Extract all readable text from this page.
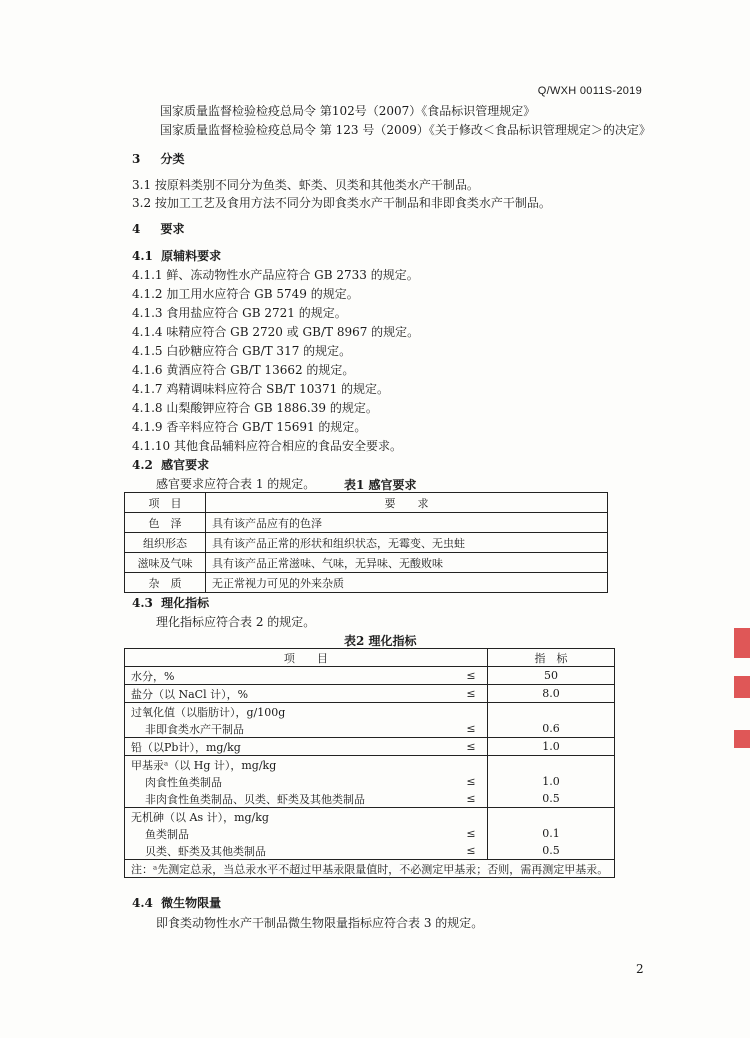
Q/WXH 0011S-2019
国家质量监督检验检疫总局令 第102号（2007）《食品标识管理规定》
国家质量监督检验检疫总局令 第 123 号（2009）《关于修改＜食品标识管理规定＞的决定》
3 分类
3.1 按原料类别不同分为鱼类、虾类、贝类和其他类水产干制品。
3.2 按加工工艺及食用方法不同分为即食类水产干制品和非即食类水产干制品。
4 要求
4.1 原辅料要求
4.1.1 鲜、冻动物性水产品应符合 GB 2733 的规定。
4.1.2 加工用水应符合 GB 5749 的规定。
4.1.3 食用盐应符合 GB 2721 的规定。
4.1.4 味精应符合 GB 2720 或 GB/T 8967 的规定。
4.1.5 白砂糖应符合 GB/T 317 的规定。
4.1.6 黄酒应符合 GB/T 13662 的规定。
4.1.7 鸡精调味料应符合 SB/T 10371 的规定。
4.1.8 山梨酸钾应符合 GB 1886.39 的规定。
4.1.9 香辛料应符合 GB/T 15691 的规定。
4.1.10 其他食品辅料应符合相应的食品安全要求。
4.2 感官要求
感官要求应符合表 1 的规定。 表1 感官要求
项　目	要　　求
色　泽	具有该产品应有的色泽
组织形态	具有该产品正常的形状和组织状态，无霉变、无虫蛀
滋味及气味	具有该产品正常滋味、气味，无异味、无酸败味
杂　质	无正常视力可见的外来杂质
4.3 理化指标
理化指标应符合表 2 的规定。
表2 理化指标
项　　目		指　标
水分，%	≤	50
盐分（以 NaCl 计），%	≤	8.0
过氧化值（以脂肪计），g/100g		
非即食类水产干制品	≤	0.6
铅（以Pb计），mg/kg	≤	1.0
甲基汞ᵃ（以 Hg 计），mg/kg		
肉食性鱼类制品	≤	1.0
非肉食性鱼类制品、贝类、虾类及其他类制品	≤	0.5
无机砷（以 As 计），mg/kg		
鱼类制品	≤	0.1
贝类、虾类及其他类制品	≤	0.5
注：ᵃ先测定总汞，当总汞水平不超过甲基汞限量值时，不必测定甲基汞；否则，需再测定甲基汞。		
4.4 微生物限量
即食类动物性水产干制品微生物限量指标应符合表 3 的规定。
2
